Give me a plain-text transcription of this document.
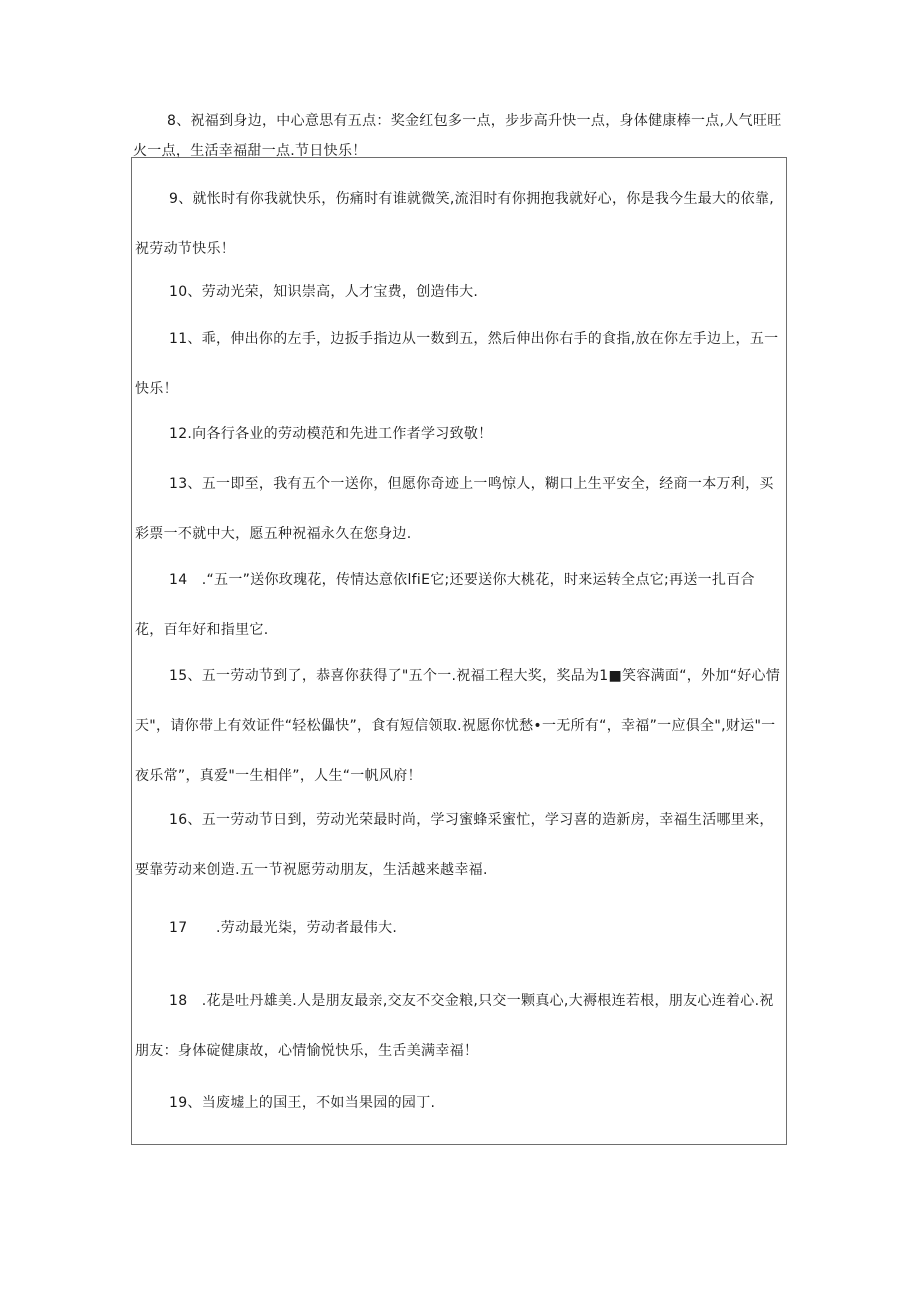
8、祝福到身边，中心意思有五点：奖金红包多一点，步步高升快一点，身体健康棒一点,人气旺旺火一点，生活幸福甜一点.节日快乐！

9、就怅时有你我就快乐，伤痛时有谁就微笑,流泪时有你拥抱我就好心，你是我今生最大的依靠,祝劳动节快乐！

10、劳动光荣，知识崇高，人才宝费，创造伟大.

11、乖，伸出你的左手，边扳手指边从一数到五，然后伸出你右手的食指,放在你左手边上，五一快乐！

12.向各行各业的劳动模范和先进工作者学习致敬！

13、五一即至，我有五个一送你，但愿你奇迹上一鸣惊人，糊口上生平安全，经商一本万利，买彩票一不就中大，愿五种祝福永久在您身边.

14　.“五一”送你玫瑰花，传情达意依lfiE它;还要送你大桃花，时来运转全点它;再送一扎百合花，百年好和指里它.

15、五一劳动节到了，恭喜你获得了"五个一.祝福工程大奖，奖品为1■笑容满面“，外加“好心情天"，请你带上有效证件“轻松儡快”，食有短信领取.祝愿你忧愁•一无所有“，幸福”一应俱全",财运"一夜乐常”，真爱"一生相伴”，人生“一帆风府！

16、五一劳动节日到，劳动光荣最时尚，学习蜜蜂采蜜忙，学习喜的造新房，幸福生活哪里来，要靠劳动来创造.五一节祝愿劳动朋友，生活越来越幸福.

17　　.劳动最光柒，劳动者最伟大.

18　.花是吐丹雄美.人是朋友最亲,交友不交金粮,只交一颗真心,大褥根连若根，朋友心连着心.祝朋友：身体碇健康故，心情愉悦快乐，生舌美满幸福！

19、当废墟上的国王，不如当果园的园丁.
